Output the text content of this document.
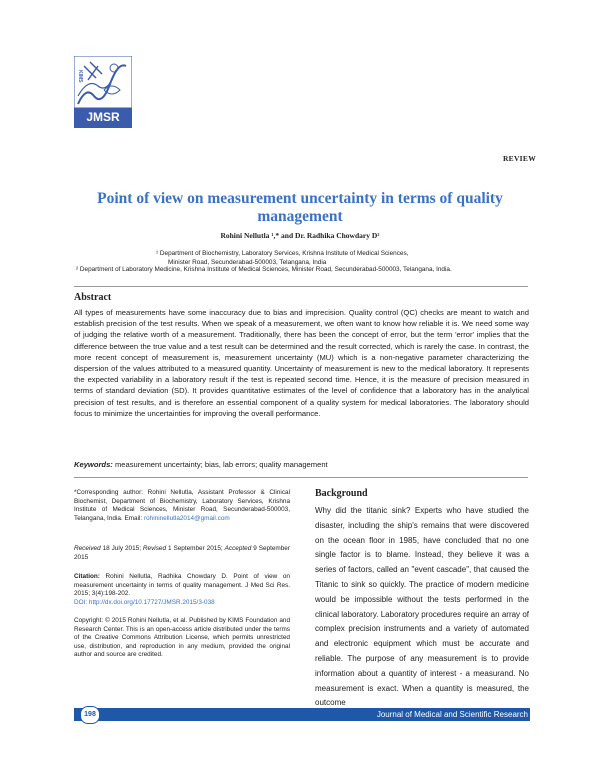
JMSR
KIMS
REVIEW
Point of view on measurement uncertainty in terms of quality management
Rohini Nellutla ¹,* and Dr. Radhika Chowdary D²
¹ Department of Biochemistry, Laboratory Services, Krishna Institute of Medical Sciences,
Minister Road, Secunderabad-500003, Telangana, India
² Department of Laboratory Medicine, Krishna Institute of Medical Sciences, Minister Road, Secunderabad-500003, Telangana, India.
Abstract
All types of measurements have some inaccuracy due to bias and imprecision. Quality control (QC) checks are meant to watch and establish precision of the test results. When we speak of a measurement, we often want to know how reliable it is. We need some way of judging the relative worth of a measurement. Traditionally, there has been the concept of error, but the term 'error' implies that the difference between the true value and a test result can be determined and the result corrected, which is rarely the case. In contrast, the more recent concept of measurement is, measurement uncertainty (MU) which is a non-negative parameter characterizing the dispersion of the values attributed to a measured quantity. Uncertainty of measurement is new to the medical laboratory. It represents the expected variability in a laboratory result if the test is repeated second time. Hence, it is the measure of precision measured in terms of standard deviation (SD). It provides quantitative estimates of the level of confidence that a laboratory has in the analytical precision of test results, and is therefore an essential component of a quality system for medical laboratories. The laboratory should focus to minimize the uncertainties for improving the overall performance.
Keywords: measurement uncertainty; bias, lab errors; quality management
*Corresponding author: Rohini Nellutla, Assistant Professor & Clinical Biochemist, Department of Biochemistry, Laboratory Services, Krishna Institute of Medical Sciences, Minister Road, Secunderabad-500003, Telangana, India. Email: rohininellutla2014@gmail.com
Received 18 July 2015; Revised 1 September 2015; Accepted 9 September 2015
Citation: Rohini Nellutla, Radhika Chowdary D. Point of view on measurement uncertainty in terms of quality management. J Med Sci Res. 2015; 3(4):198-202.
DOI: http://dx.doi.org/10.17727/JMSR.2015/3-038
Copyright: © 2015 Rohini Nellutla, et al. Published by KIMS Foundation and Research Center. This is an open-access article distributed under the terms of the Creative Commons Attribution License, which permits unrestricted use, distribution, and reproduction in any medium, provided the original author and source are credited.
Background
Why did the titanic sink? Experts who have studied the disaster, including the ship's remains that were discovered on the ocean floor in 1985, have concluded that no one single factor is to blame. Instead, they believe it was a series of factors, called an "event cascade", that caused the Titanic to sink so quickly. The practice of modern medicine would be impossible without the tests performed in the clinical laboratory. Laboratory procedures require an array of complex precision instruments and a variety of automated and electronic equipment which must be accurate and reliable. The purpose of any measurement is to provide information about a quantity of interest - a measurand. No measurement is exact. When a quantity is measured, the outcome
198	Journal of Medical and Scientific Research
